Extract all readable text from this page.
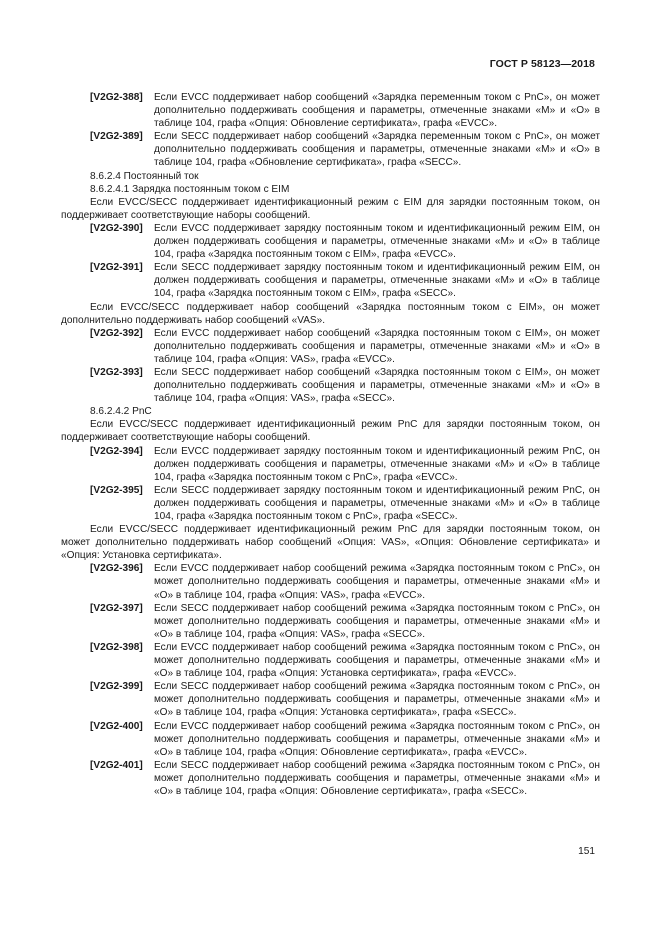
ГОСТ Р 58123—2018
[V2G2-388]	Если EVCC поддерживает набор сообщений «Зарядка переменным током с PnC», он может дополнительно поддерживать сообщения и параметры, отмеченные знаками «M» и «O» в таблице 104, графа «Опция: Обновление сертификата», графа «EVCC».
[V2G2-389]	Если SECC поддерживает набор сообщений «Зарядка переменным током с PnC», он может дополнительно поддерживать сообщения и параметры, отмеченные знаками «M» и «O» в таблице 104, графа «Обновление сертификата», графа «SECC».
8.6.2.4 Постоянный ток
8.6.2.4.1 Зарядка постоянным током с EIM
Если EVCC/SECC поддерживает идентификационный режим с EIM для зарядки постоянным током, он поддерживает соответствующие наборы сообщений.
[V2G2-390]	Если EVCC поддерживает зарядку постоянным током и идентификационный режим EIM, он должен поддерживать сообщения и параметры, отмеченные знаками «M» и «O» в таблице 104, графа «Зарядка постоянным током с EIM», графа «EVCC».
[V2G2-391]	Если SECC поддерживает зарядку постоянным током и идентификационный режим EIM, он должен поддерживать сообщения и параметры, отмеченные знаками «M» и «O» в таблице 104, графа «Зарядка постоянным током с EIM», графа «SECC».
Если EVCC/SECC поддерживает набор сообщений «Зарядка постоянным током с EIM», он может дополнительно поддерживать набор сообщений «VAS».
[V2G2-392]	Если EVCC поддерживает набор сообщений «Зарядка постоянным током с EIM», он может дополнительно поддерживать сообщения и параметры, отмеченные знаками «M» и «O» в таблице 104, графа «Опция: VAS», графа «EVCC».
[V2G2-393]	Если SECC поддерживает набор сообщений «Зарядка постоянным током с EIM», он может дополнительно поддерживать сообщения и параметры, отмеченные знаками «M» и «O» в таблице 104, графа «Опция: VAS», графа «SECC».
8.6.2.4.2 PnC
Если EVCC/SECC поддерживает идентификационный режим PnC для зарядки постоянным током, он поддерживает соответствующие наборы сообщений.
[V2G2-394]	Если EVCC поддерживает зарядку постоянным током и идентификационный режим PnC, он должен поддерживать сообщения и параметры, отмеченные знаками «M» и «O» в таблице 104, графа «Зарядка постоянным током с PnC», графа «EVCC».
[V2G2-395]	Если SECC поддерживает зарядку постоянным током и идентификационный режим PnC, он должен поддерживать сообщения и параметры, отмеченные знаками «M» и «O» в таблице 104, графа «Зарядка постоянным током с PnC», графа «SECC».
Если EVCC/SECC поддерживает идентификационный режим PnC для зарядки постоянным током, он может дополнительно поддерживать набор сообщений «Опция: VAS», «Опция: Обновление сертификата» и «Опция: Установка сертификата».
[V2G2-396]	Если EVCC поддерживает набор сообщений режима «Зарядка постоянным током с PnC», он может дополнительно поддерживать сообщения и параметры, отмеченные знаками «M» и «O» в таблице 104, графа «Опция: VAS», графа «EVCC».
[V2G2-397]	Если SECC поддерживает набор сообщений режима «Зарядка постоянным током с PnC», он может дополнительно поддерживать сообщения и параметры, отмеченные знаками «M» и «O» в таблице 104, графа «Опция: VAS», графа «SECC».
[V2G2-398]	Если EVCC поддерживает набор сообщений режима «Зарядка постоянным током с PnC», он может дополнительно поддерживать сообщения и параметры, отмеченные знаками «M» и «O» в таблице 104, графа «Опция: Установка сертификата», графа «EVCC».
[V2G2-399]	Если SECC поддерживает набор сообщений режима «Зарядка постоянным током с PnC», он может дополнительно поддерживать сообщения и параметры, отмеченные знаками «M» и «O» в таблице 104, графа «Опция: Установка сертификата», графа «SECC».
[V2G2-400]	Если EVCC поддерживает набор сообщений режима «Зарядка постоянным током с PnC», он может дополнительно поддерживать сообщения и параметры, отмеченные знаками «M» и «O» в таблице 104, графа «Опция: Обновление сертификата», графа «EVCC».
[V2G2-401]	Если SECC поддерживает набор сообщений режима «Зарядка постоянным током с PnC», он может дополнительно поддерживать сообщения и параметры, отмеченные знаками «M» и «O» в таблице 104, графа «Опция: Обновление сертификата», графа «SECC».
151
